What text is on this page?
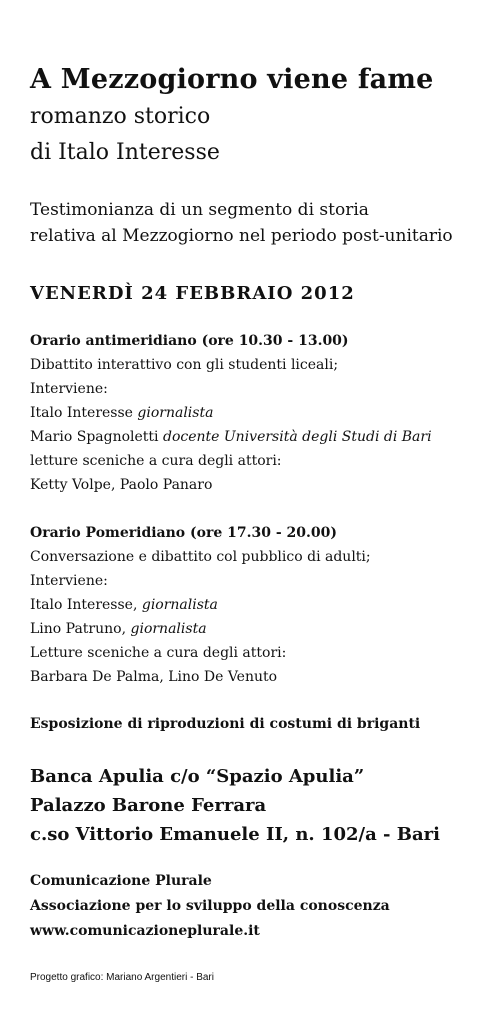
A Mezzogiorno viene fame
romanzo storico
di Italo Interesse
Testimonianza di un segmento di storia
relativa al Mezzogiorno nel periodo post-unitario
VENERDÌ 24 FEBBRAIO 2012
Orario antimeridiano (ore 10.30 - 13.00)
Dibattito interattivo con gli studenti liceali;
Interviene:
Italo Interesse giornalista
Mario Spagnoletti docente Università degli Studi di Bari
letture sceniche a cura degli attori:
Ketty Volpe, Paolo Panaro
Orario Pomeridiano (ore 17.30 - 20.00)
Conversazione e dibattito col pubblico di adulti;
Interviene:
Italo Interesse, giornalista
Lino Patruno, giornalista
Letture sceniche a cura degli attori:
Barbara De Palma, Lino De Venuto
Esposizione di riproduzioni di costumi di briganti
Banca Apulia c/o “Spazio Apulia”
Palazzo Barone Ferrara
c.so Vittorio Emanuele II, n. 102/a - Bari
Comunicazione Plurale
Associazione per lo sviluppo della conoscenza
www.comunicazioneplurale.it
Progetto grafico: Mariano Argentieri - Bari
